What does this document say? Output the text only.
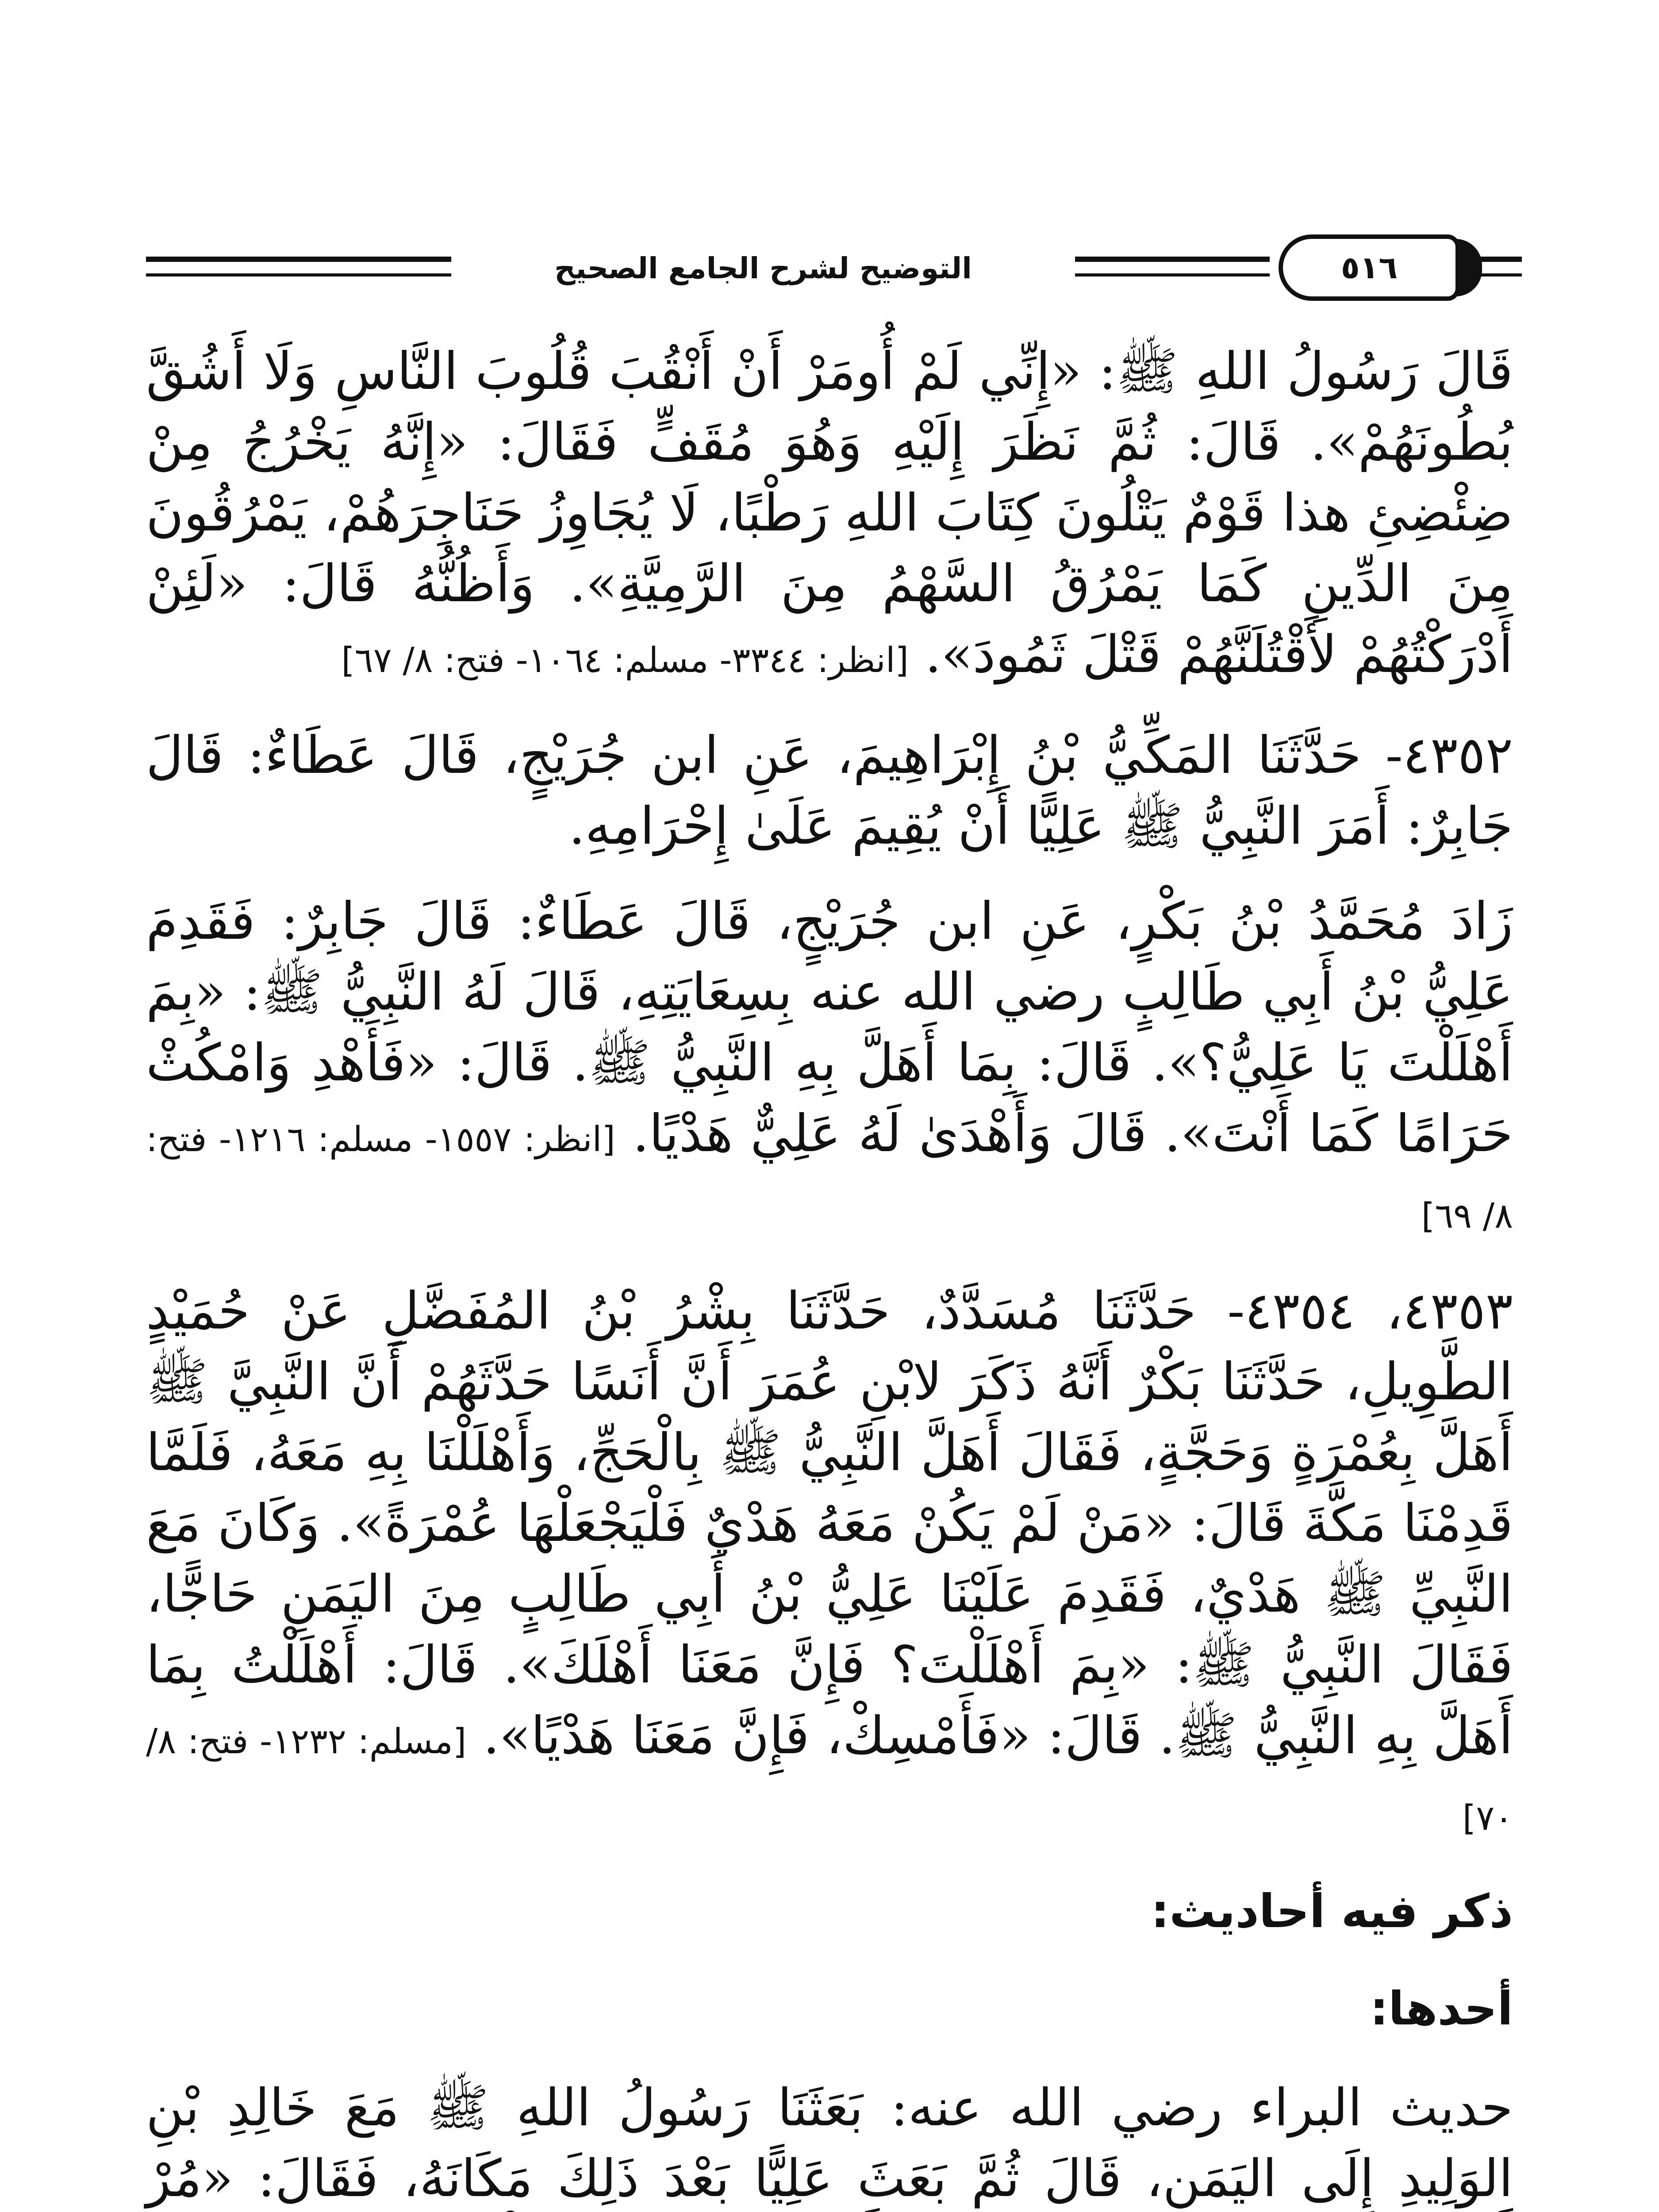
التوضيح لشرح الجامع الصحيح	٥١٦

قَالَ رَسُولُ اللهِ ﷺ: «إِنِّي لَمْ أُومَرْ أَنْ أَنْقُبَ قُلُوبَ النَّاسِ وَلَا أَشُقَّ بُطُونَهُمْ». قَالَ: ثُمَّ نَظَرَ إِلَيْهِ وَهُوَ مُقَفٍّ فَقَالَ: «إِنَّهُ يَخْرُجُ مِنْ ضِئْضِئِ هذا قَوْمٌ يَتْلُونَ كِتَابَ اللهِ رَطْبًا، لَا يُجَاوِزُ حَنَاجِرَهُمْ، يَمْرُقُونَ مِنَ الدِّينِ كَمَا يَمْرُقُ السَّهْمُ مِنَ الرَّمِيَّةِ». وَأَظُنُّهُ قَالَ: «لَئِنْ أَدْرَكْتُهُمْ لأَقْتُلَنَّهُمْ قَتْلَ ثَمُودَ». [انظر: ٣٣٤٤- مسلم: ١٠٦٤- فتح: ٨/ ٦٧]

٤٣٥٢- حَدَّثَنَا المَكِّيُّ بْنُ إِبْرَاهِيمَ، عَنِ ابن جُرَيْجٍ، قَالَ عَطَاءٌ: قَالَ جَابِرٌ: أَمَرَ النَّبِيُّ ﷺ عَلِيًّا أَنْ يُقِيمَ عَلَىٰ إِحْرَامِهِ.

زَادَ مُحَمَّدُ بْنُ بَكْرٍ، عَنِ ابن جُرَيْجٍ، قَالَ عَطَاءٌ: قَالَ جَابِرٌ: فَقَدِمَ عَلِيُّ بْنُ أَبِي طَالِبٍ رضي الله عنه بِسِعَايَتِهِ، قَالَ لَهُ النَّبِيُّ ﷺ: «بِمَ أَهْلَلْتَ يَا عَلِيُّ؟». قَالَ: بِمَا أَهَلَّ بِهِ النَّبِيُّ ﷺ. قَالَ: «فَأَهْدِ وَامْكُثْ حَرَامًا كَمَا أَنْتَ». قَالَ وَأَهْدَىٰ لَهُ عَلِيٌّ هَدْيًا. [انظر: ١٥٥٧- مسلم: ١٢١٦- فتح: ٨/ ٦٩]

٤٣٥٣، ٤٣٥٤- حَدَّثَنَا مُسَدَّدٌ، حَدَّثَنَا بِشْرُ بْنُ المُفَضَّلِ عَنْ حُمَيْدٍ الطَّوِيلِ، حَدَّثَنَا بَكْرٌ أَنَّهُ ذَكَرَ لابْنِ عُمَرَ أَنَّ أَنَسًا حَدَّثَهُمْ أَنَّ النَّبِيَّ ﷺ أَهَلَّ بِعُمْرَةٍ وَحَجَّةٍ، فَقَالَ أَهَلَّ النَّبِيُّ ﷺ بِالْحَجِّ، وَأَهْلَلْنَا بِهِ مَعَهُ، فَلَمَّا قَدِمْنَا مَكَّةَ قَالَ: «مَنْ لَمْ يَكُنْ مَعَهُ هَدْيٌ فَلْيَجْعَلْهَا عُمْرَةً». وَكَانَ مَعَ النَّبِيِّ ﷺ هَدْيٌ، فَقَدِمَ عَلَيْنَا عَلِيُّ بْنُ أَبِي طَالِبٍ مِنَ اليَمَنِ حَاجًّا، فَقَالَ النَّبِيُّ ﷺ: «بِمَ أَهْلَلْتَ؟ فَإِنَّ مَعَنَا أَهْلَكَ». قَالَ: أَهْلَلْتُ بِمَا أَهَلَّ بِهِ النَّبِيُّ ﷺ. قَالَ: «فَأَمْسِكْ، فَإِنَّ مَعَنَا هَدْيًا». [مسلم: ١٢٣٢- فتح: ٨/ ٧٠]

ذكر فيه أحاديث:
أحدها:

حديث البراء رضي الله عنه: بَعَثَنَا رَسُولُ اللهِ ﷺ مَعَ خَالِدِ بْنِ الوَلِيدِ إِلَى اليَمَنِ، قَالَ ثُمَّ بَعَثَ عَلِيًّا بَعْدَ ذَلِكَ مَكَانَهُ، فَقَالَ: «مُرْ
